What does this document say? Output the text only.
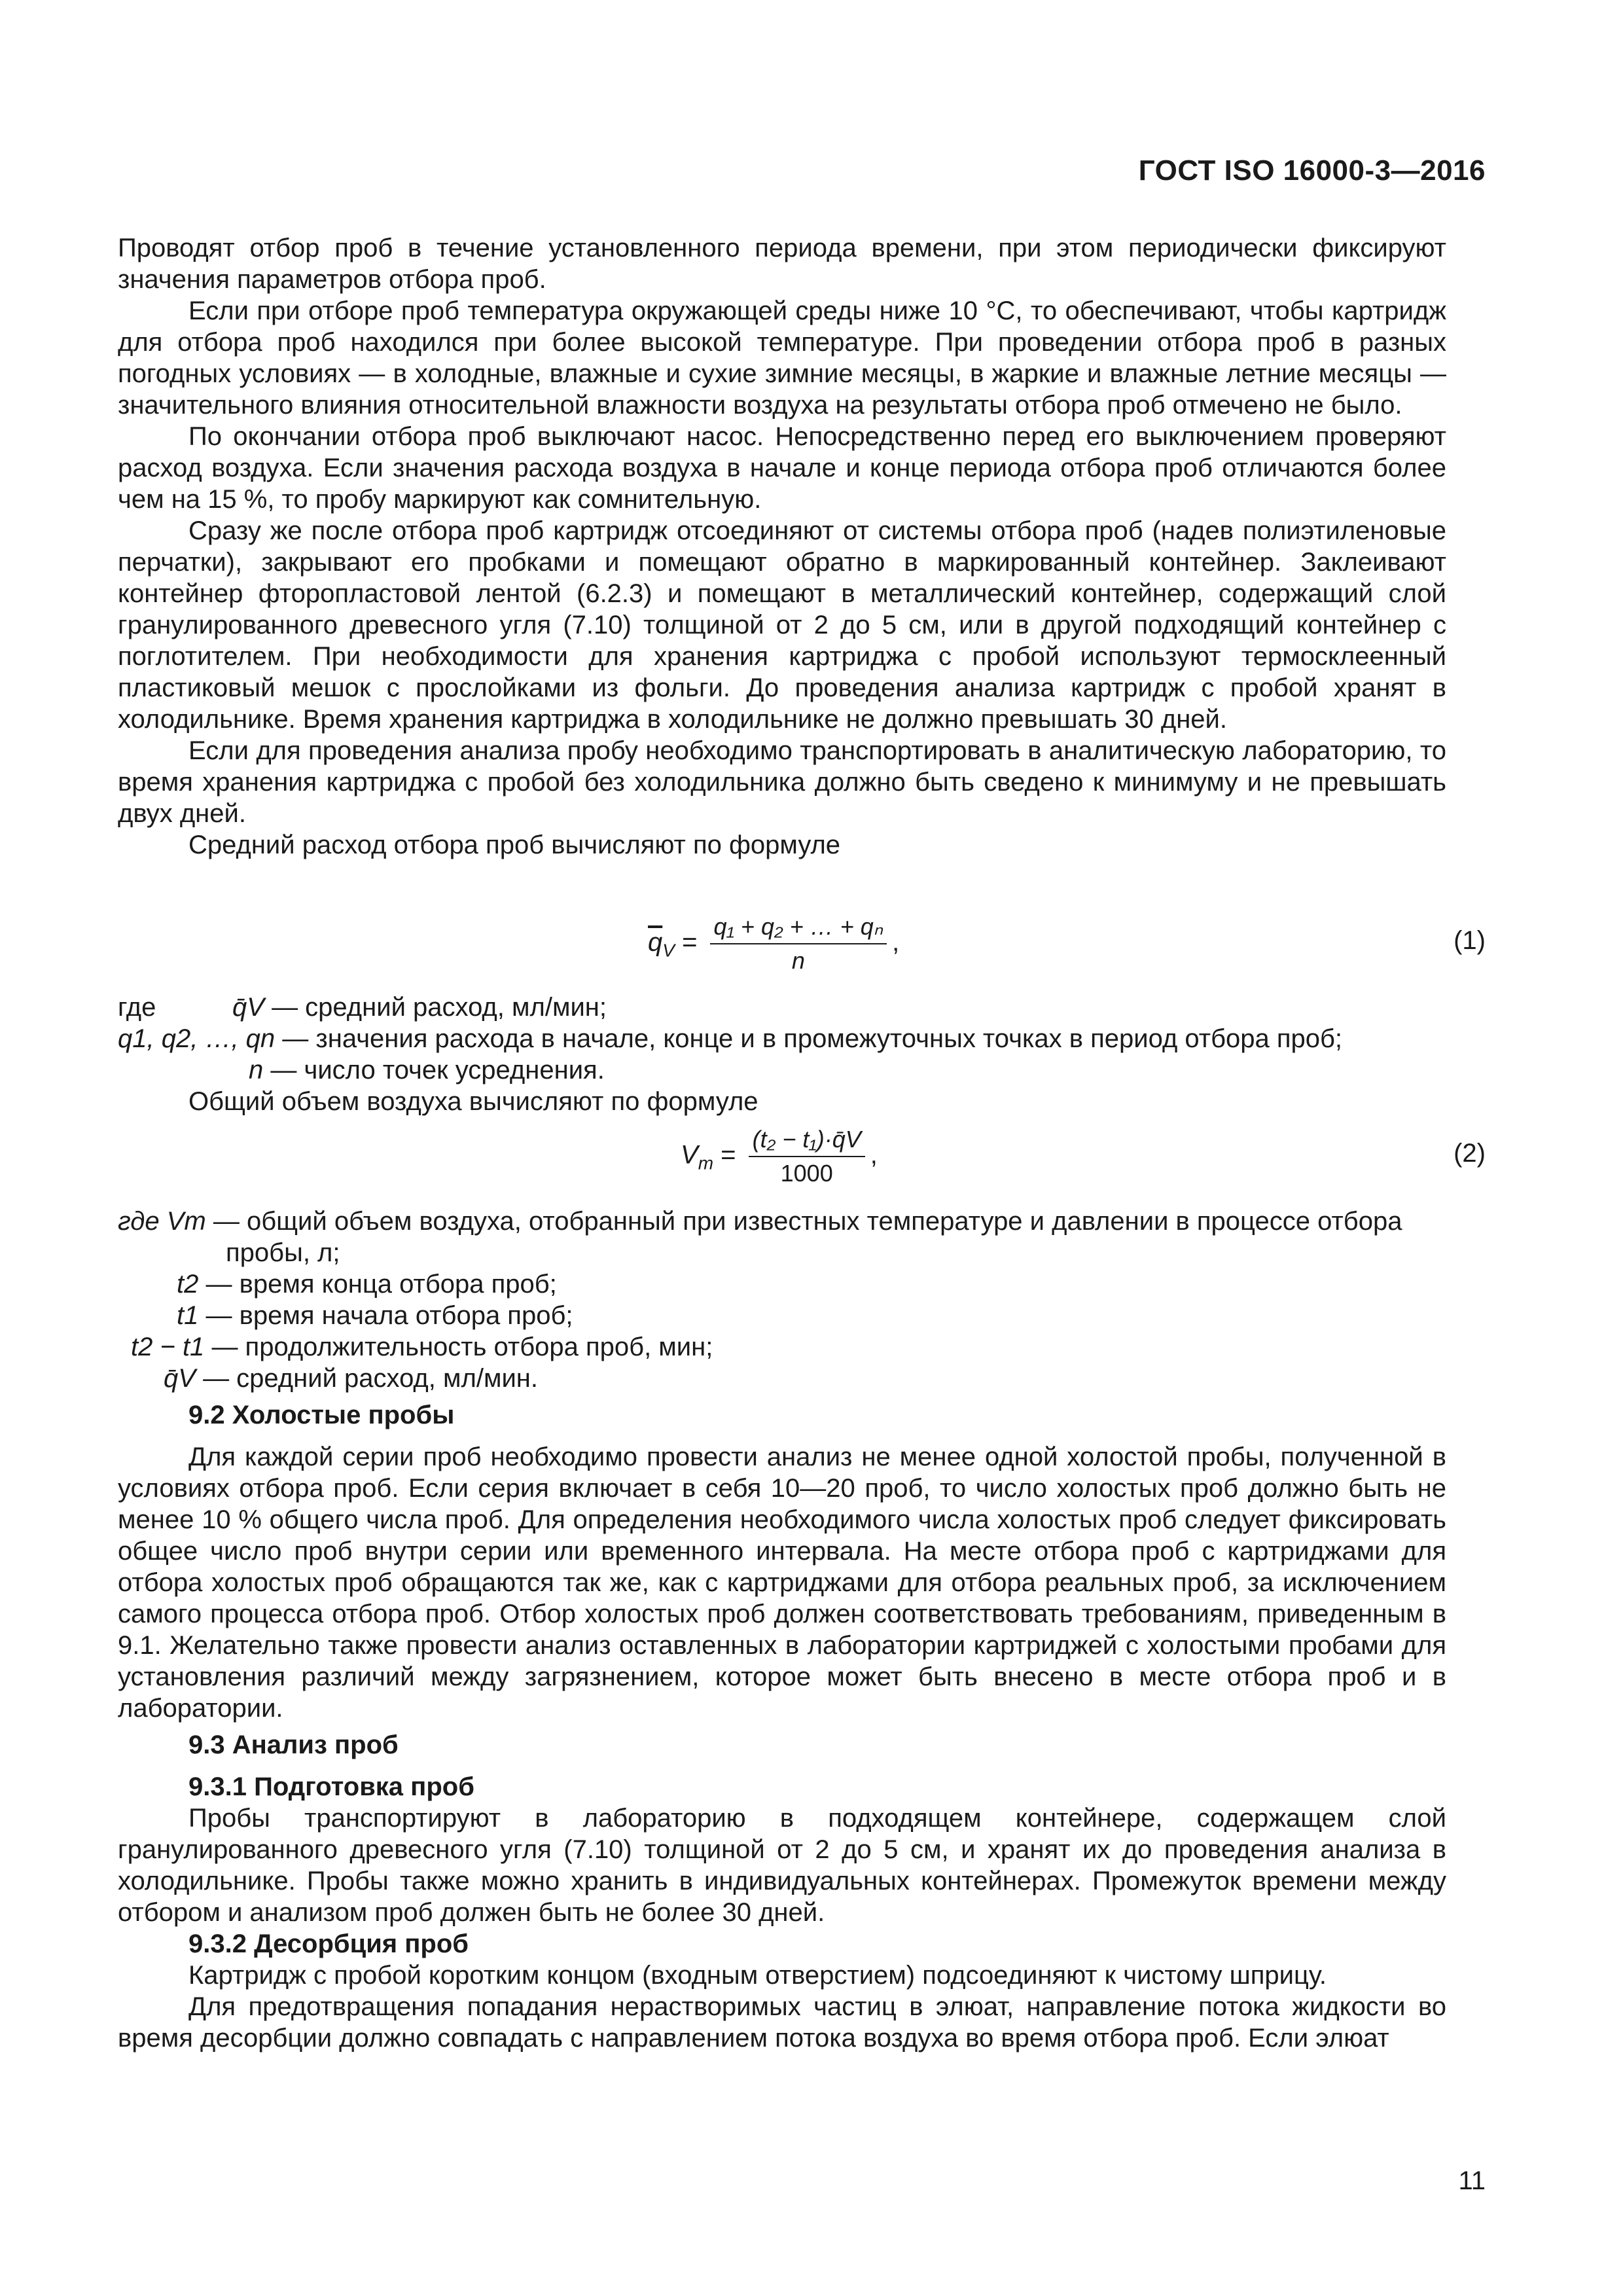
ГОСТ ISO 16000-3—2016

Проводят отбор проб в течение установленного периода времени, при этом периодически фиксируют значения параметров отбора проб.

Если при отборе проб температура окружающей среды ниже 10 °С, то обеспечивают, чтобы картридж для отбора проб находился при более высокой температуре. При проведении отбора проб в разных погодных условиях — в холодные, влажные и сухие зимние месяцы, в жаркие и влажные летние месяцы — значительного влияния относительной влажности воздуха на результаты отбора проб отмечено не было.

По окончании отбора проб выключают насос. Непосредственно перед его выключением проверяют расход воздуха. Если значения расхода воздуха в начале и конце периода отбора проб отличаются более чем на 15 %, то пробу маркируют как сомнительную.

Сразу же после отбора проб картридж отсоединяют от системы отбора проб (надев полиэтиленовые перчатки), закрывают его пробками и помещают обратно в маркированный контейнер. Заклеивают контейнер фторопластовой лентой (6.2.3) и помещают в металлический контейнер, содержащий слой гранулированного древесного угля (7.10) толщиной от 2 до 5 см, или в другой подходящий контейнер с поглотителем. При необходимости для хранения картриджа с пробой используют термосклеенный пластиковый мешок с прослойками из фольги. До проведения анализа картридж с пробой хранят в холодильнике. Время хранения картриджа в холодильнике не должно превышать 30 дней.

Если для проведения анализа пробу необходимо транспортировать в аналитическую лабораторию, то время хранения картриджа с пробой без холодильника должно быть сведено к минимуму и не превышать двух дней.

Средний расход отбора проб вычисляют по формуле

$\overline{q}_V = \frac{\text{q₁ + q₂ + … + qₙ}}{n}$ ,	(1)
где	q̄V — средний расход, мл/мин;
q1, q2, …, qn — значения расхода в начале, конце и в промежуточных точках в период отбора проб;
n — число точек усреднения.

Общий объем воздуха вычисляют по формуле

$V_m = \frac{\text{(t₂ − t₁)·q̄V}}{1000}$ ,	(2)
где Vm — общий объем воздуха, отобранный при известных температуре и давлении в процессе отбора
пробы, л;
t2 — время конца отбора проб;
t1 — время начала отбора проб;
t2 − t1 — продолжительность отбора проб, мин;
q̄V — средний расход, мл/мин.

9.2 Холостые пробы

Для каждой серии проб необходимо провести анализ не менее одной холостой пробы, полученной в условиях отбора проб. Если серия включает в себя 10—20 проб, то число холостых проб должно быть не менее 10 % общего числа проб. Для определения необходимого числа холостых проб следует фиксировать общее число проб внутри серии или временного интервала. На месте отбора проб с картриджами для отбора холостых проб обращаются так же, как с картриджами для отбора реальных проб, за исключением самого процесса отбора проб. Отбор холостых проб должен соответствовать требованиям, приведенным в 9.1. Желательно также провести анализ оставленных в лаборатории картриджей с холостыми пробами для установления различий между загрязнением, которое может быть внесено в месте отбора проб и в лаборатории.

9.3 Анализ проб

9.3.1 Подготовка проб

Пробы транспортируют в лабораторию в подходящем контейнере, содержащем слой гранулированного древесного угля (7.10) толщиной от 2 до 5 см, и хранят их до проведения анализа в холодильнике. Пробы также можно хранить в индивидуальных контейнерах. Промежуток времени между отбором и анализом проб должен быть не более 30 дней.

9.3.2 Десорбция проб

Картридж с пробой коротким концом (входным отверстием) подсоединяют к чистому шприцу.

Для предотвращения попадания нерастворимых частиц в элюат, направление потока жидкости во время десорбции должно совпадать с направлением потока воздуха во время отбора проб. Если элюат

11
